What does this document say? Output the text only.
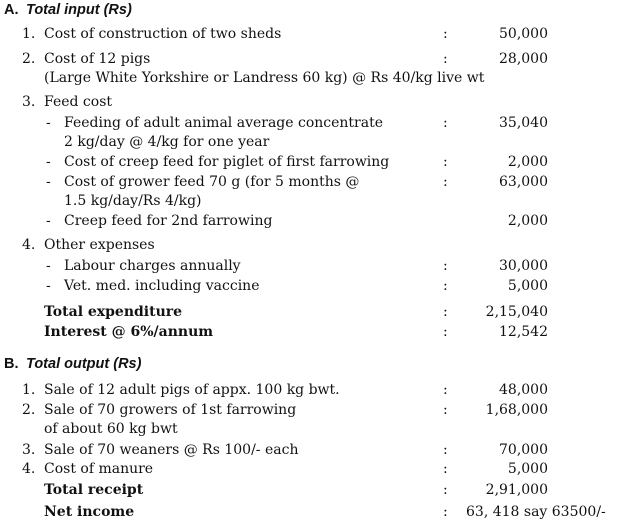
A. Total input (Rs)
1. Cost of construction of two sheds	:	50,000
2. Cost of 12 pigs	:	28,000
(Large White Yorkshire or Landress 60 kg) @ Rs 40/kg live wt
3. Feed cost
- Feeding of adult animal average concentrate	:	35,040
2 kg/day @ 4/kg for one year
- Cost of creep feed for piglet of first farrowing	:	2,000
- Cost of grower feed 70 g (for 5 months @	:	63,000
1.5 kg/day/Rs 4/kg)
- Creep feed for 2nd farrowing	2,000
4. Other expenses
- Labour charges annually	:	30,000
- Vet. med. including vaccine	:	5,000
Total expenditure	:	2,15,040
Interest @ 6%/annum	:	12,542
B. Total output (Rs)
1. Sale of 12 adult pigs of appx. 100 kg bwt.	:	48,000
2. Sale of 70 growers of 1st farrowing	:	1,68,000
of about 60 kg bwt
3. Sale of 70 weaners @ Rs 100/- each	:	70,000
4. Cost of manure	:	5,000
Total receipt	:	2,91,000
Net income	: 63, 418 say 63500/-
